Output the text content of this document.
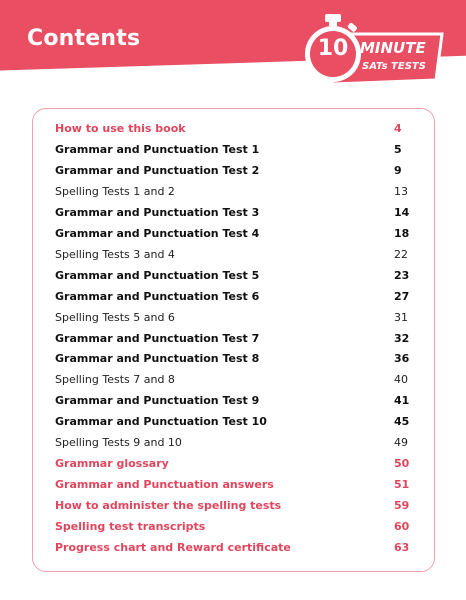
Contents	10 MINUTE
SATs TESTS
How to use this book	4
Grammar and Punctuation Test 1	5
Grammar and Punctuation Test 2	9
Spelling Tests 1 and 2	13
Grammar and Punctuation Test 3	14
Grammar and Punctuation Test 4	18
Spelling Tests 3 and 4	22
Grammar and Punctuation Test 5	23
Grammar and Punctuation Test 6	27
Spelling Tests 5 and 6	31
Grammar and Punctuation Test 7	32
Grammar and Punctuation Test 8	36
Spelling Tests 7 and 8	40
Grammar and Punctuation Test 9	41
Grammar and Punctuation Test 10	45
Spelling Tests 9 and 10	49
Grammar glossary	50
Grammar and Punctuation answers	51
How to administer the spelling tests	59
Spelling test transcripts	60
Progress chart and Reward certificate	63
